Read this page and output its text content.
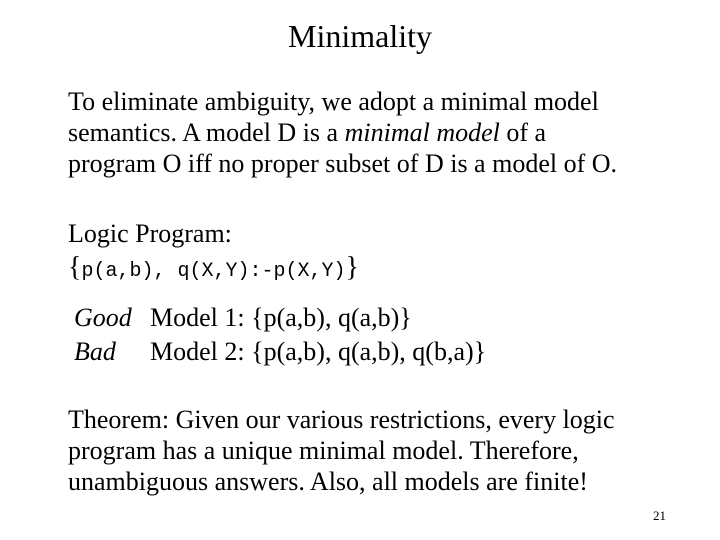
Minimality
To eliminate ambiguity, we adopt a minimal model
semantics. A model D is a minimal model of a
program O iff no proper subset of D is a model of O.
Logic Program:
{p(a,b), q(X,Y):-p(X,Y)}
Good Model 1: {p(a,b), q(a,b)}
Bad Model 2: {p(a,b), q(a,b), q(b,a)}
Theorem: Given our various restrictions, every logic
program has a unique minimal model. Therefore,
unambiguous answers. Also, all models are finite!
21
